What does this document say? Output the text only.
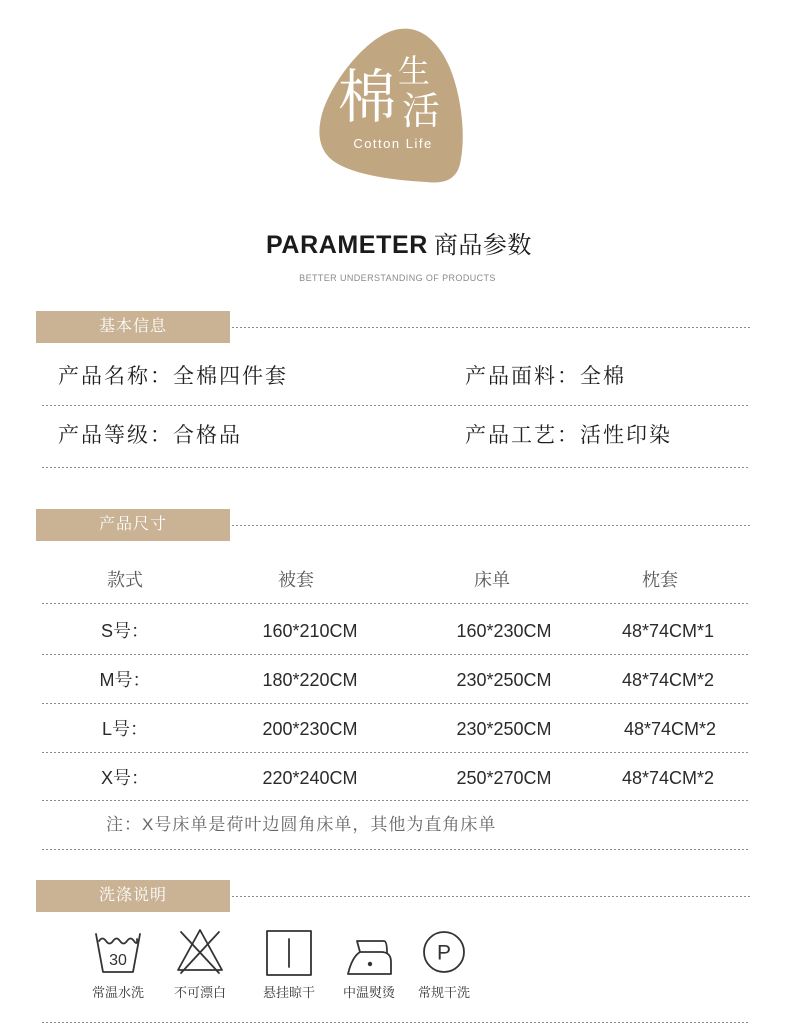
棉 生
活
Cotton Life
PARAMETER 商品参数
BETTER UNDERSTANDING OF PRODUCTS
基本信息
产品名称：全棉四件套	产品面料：全棉
产品等级：合格品	产品工艺：活性印染
产品尺寸
款式	被套	床单	枕套
S号：	160*210CM	160*230CM	48*74CM*1
M号：	180*220CM	230*250CM	48*74CM*2
L号：	200*230CM	230*250CM	48*74CM*2
X号：	220*240CM	250*270CM	48*74CM*2
注：X号床单是荷叶边圆角床单，其他为直角床单
洗涤说明
30
常温水洗	不可漂白	悬挂晾干	中温熨烫
P
常规干洗
